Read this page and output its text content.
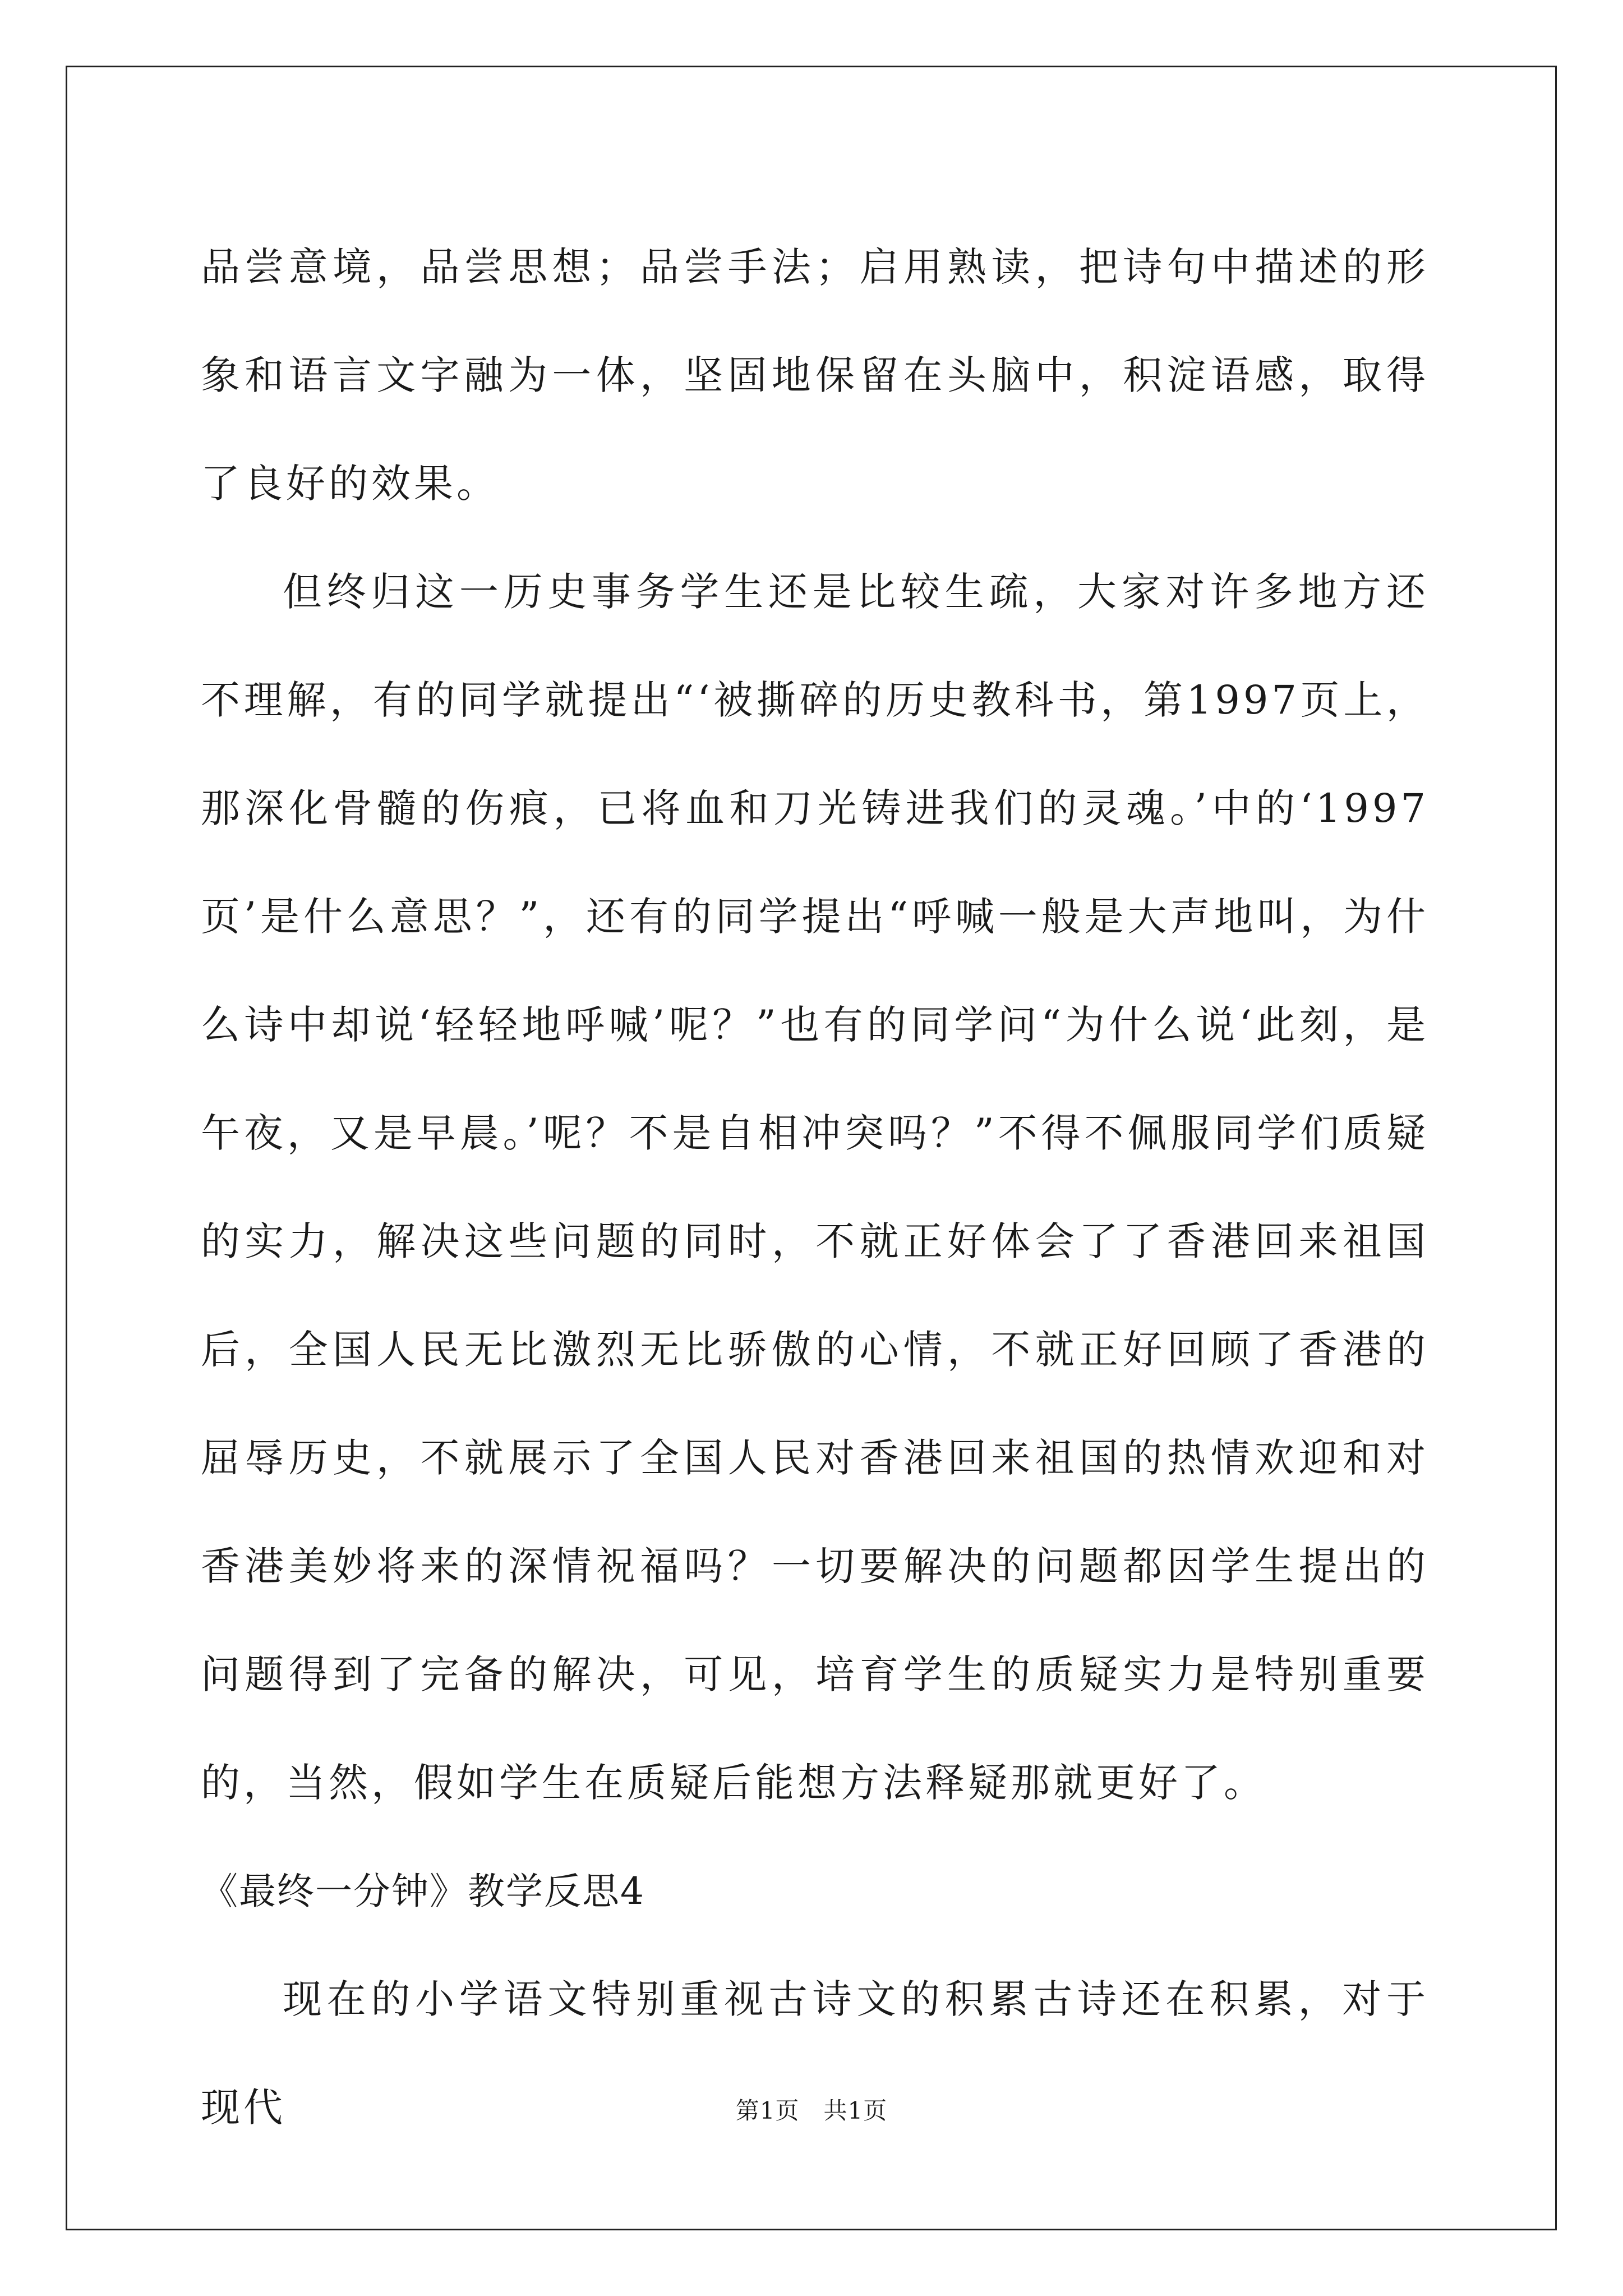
品尝意境，品尝思想；品尝手法；启用熟读，把诗句中描述的形象和语言文字融为一体，坚固地保留在头脑中，积淀语感，取得了良好的效果。

但终归这一历史事务学生还是比较生疏，大家对许多地方还不理解，有的同学就提出“‘被撕碎的历史教科书，第1997页上，那深化骨髓的伤痕，已将血和刀光铸进我们的灵魂。’中的‘1997页’是什么意思？”，还有的同学提出“呼喊一般是大声地叫，为什么诗中却说‘轻轻地呼喊’呢？”也有的同学问“为什么说‘此刻，是午夜，又是早晨。’呢？不是自相冲突吗？”不得不佩服同学们质疑的实力，解决这些问题的同时，不就正好体会了了香港回来祖国后，全国人民无比激烈无比骄傲的心情，不就正好回顾了香港的屈辱历史，不就展示了全国人民对香港回来祖国的热情欢迎和对香港美妙将来的深情祝福吗？一切要解决的问题都因学生提出的问题得到了完备的解决，可见，培育学生的质疑实力是特别重要的，当然，假如学生在质疑后能想方法释疑那就更好了。

《最终一分钟》教学反思4

现在的小学语文特别重视古诗文的积累古诗还在积累，对于现代	第1页 共1页
